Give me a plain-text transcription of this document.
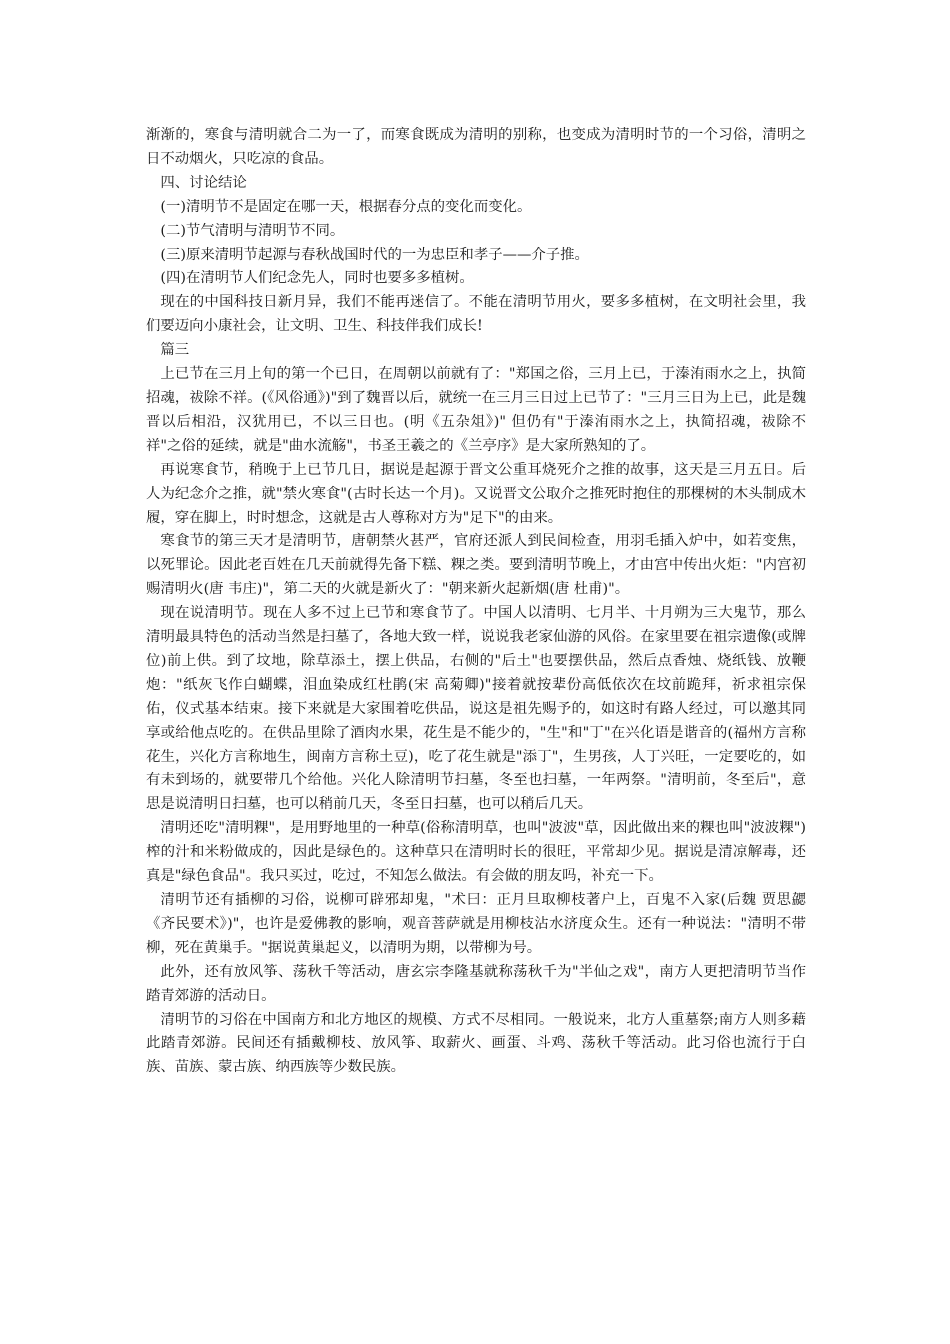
渐渐的，寒食与清明就合二为一了，而寒食既成为清明的别称，也变成为清明时节的一个习俗，清明之日不动烟火，只吃凉的食品。

四、讨论结论

(一)清明节不是固定在哪一天，根据春分点的变化而变化。

(二)节气清明与清明节不同。

(三)原来清明节起源与春秋战国时代的一为忠臣和孝子——介子推。

(四)在清明节人们纪念先人，同时也要多多植树。

现在的中国科技日新月异，我们不能再迷信了。不能在清明节用火，要多多植树，在文明社会里，我们要迈向小康社会，让文明、卫生、科技伴我们成长!

篇三

上已节在三月上旬的第一个已日，在周朝以前就有了："郑国之俗，三月上已，于溱洧雨水之上，执简招魂，祓除不祥。(《风俗通》)"到了魏晋以后，就统一在三月三日过上已节了："三月三日为上已，此是魏晋以后相沿，汉犹用已，不以三日也。(明《五杂俎》)" 但仍有"于溱洧雨水之上，执简招魂，祓除不祥"之俗的延续，就是"曲水流觞"，书圣王羲之的《兰亭序》是大家所熟知的了。

再说寒食节，稍晚于上已节几日，据说是起源于晋文公重耳烧死介之推的故事，这天是三月五日。后人为纪念介之推，就"禁火寒食"(古时长达一个月)。又说晋文公取介之推死时抱住的那棵树的木头制成木履，穿在脚上，时时想念，这就是古人尊称对方为"足下"的由来。

寒食节的第三天才是清明节，唐朝禁火甚严，官府还派人到民间检查，用羽毛插入炉中，如若变焦，以死罪论。因此老百姓在几天前就得先备下糕、粿之类。要到清明节晚上，才由宫中传出火炬："内宫初赐清明火(唐 韦庄)"，第二天的火就是新火了："朝来新火起新烟(唐 杜甫)"。

现在说清明节。现在人多不过上已节和寒食节了。中国人以清明、七月半、十月朔为三大鬼节，那么清明最具特色的活动当然是扫墓了，各地大致一样，说说我老家仙游的风俗。在家里要在祖宗遗像(或牌位)前上供。到了坟地，除草添土，摆上供品，右侧的"后土"也要摆供品，然后点香烛、烧纸钱、放鞭炮："纸灰飞作白蝴蝶，泪血染成红杜鹃(宋 高菊卿)"接着就按辈份高低依次在坟前跪拜，祈求祖宗保佑，仪式基本结束。接下来就是大家围着吃供品，说这是祖先赐予的，如这时有路人经过，可以邀其同享或给他点吃的。在供品里除了酒肉水果，花生是不能少的，"生"和"丁"在兴化语是谐音的(福州方言称花生，兴化方言称地生，闽南方言称土豆)，吃了花生就是"添丁"，生男孩，人丁兴旺，一定要吃的，如有未到场的，就要带几个给他。兴化人除清明节扫墓，冬至也扫墓，一年两祭。"清明前，冬至后"，意思是说清明日扫墓，也可以稍前几天，冬至日扫墓，也可以稍后几天。

清明还吃"清明粿"，是用野地里的一种草(俗称清明草，也叫"波波"草，因此做出来的粿也叫"波波粿")榨的汁和米粉做成的，因此是绿色的。这种草只在清明时长的很旺，平常却少见。据说是清凉解毒，还真是"绿色食品"。我只买过，吃过，不知怎么做法。有会做的朋友吗，补充一下。

清明节还有插柳的习俗，说柳可辟邪却鬼，"术曰：正月旦取柳枝著户上，百鬼不入家(后魏 贾思勰《齐民要术》)"，也许是爱佛教的影响，观音菩萨就是用柳枝沾水济度众生。还有一种说法："清明不带柳，死在黄巢手。"据说黄巢起义，以清明为期，以带柳为号。

此外，还有放风筝、荡秋千等活动，唐玄宗李隆基就称荡秋千为"半仙之戏"，南方人更把清明节当作踏青郊游的活动日。

清明节的习俗在中国南方和北方地区的规模、方式不尽相同。一般说来，北方人重墓祭;南方人则多藉此踏青郊游。民间还有插戴柳枝、放风筝、取薪火、画蛋、斗鸡、荡秋千等活动。此习俗也流行于白族、苗族、蒙古族、纳西族等少数民族。
